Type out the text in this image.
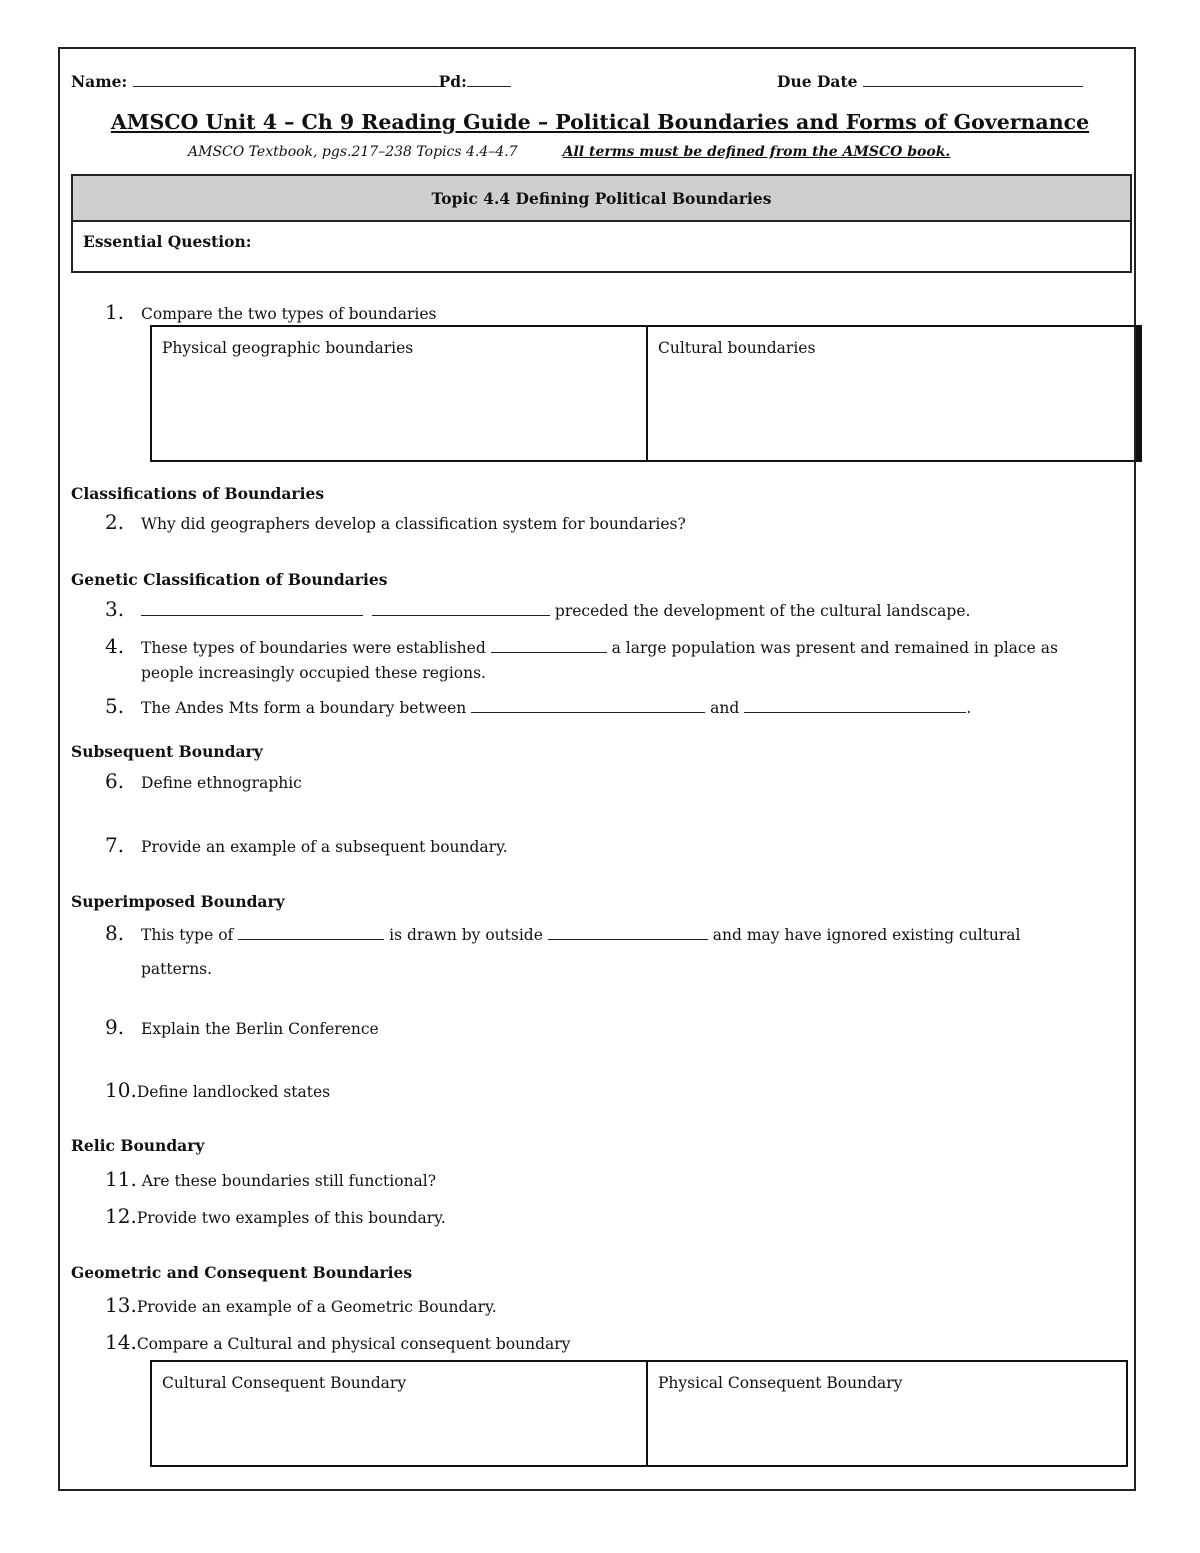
Name:	Pd:	Due Date
AMSCO Unit 4 – Ch 9 Reading Guide – Political Boundaries and Forms of Governance
AMSCO Textbook, pgs.217–238 Topics 4.4–4.7	All terms must be defined from the AMSCO book.
Topic 4.4 Defining Political Boundaries
Essential Question:
1. Compare the two types of boundaries
Physical geographic boundaries	Cultural boundaries
Classifications of Boundaries
2. Why did geographers develop a classification system for boundaries?
Genetic Classification of Boundaries
3.	preceded the development of the cultural landscape.
4. These types of boundaries were established	a large population was present and remained in place as
people increasingly occupied these regions.
5. The Andes Mts form a boundary between	and	.
Subsequent Boundary
6. Define ethnographic
7. Provide an example of a subsequent boundary.
Superimposed Boundary
8. This type of	is drawn by outside	and may have ignored existing cultural
patterns.
9. Explain the Berlin Conference
10.Define landlocked states
Relic Boundary
11. Are these boundaries still functional?
12.Provide two examples of this boundary.
Geometric and Consequent Boundaries
13.Provide an example of a Geometric Boundary.
14.Compare a Cultural and physical consequent boundary
Cultural Consequent Boundary	Physical Consequent Boundary
